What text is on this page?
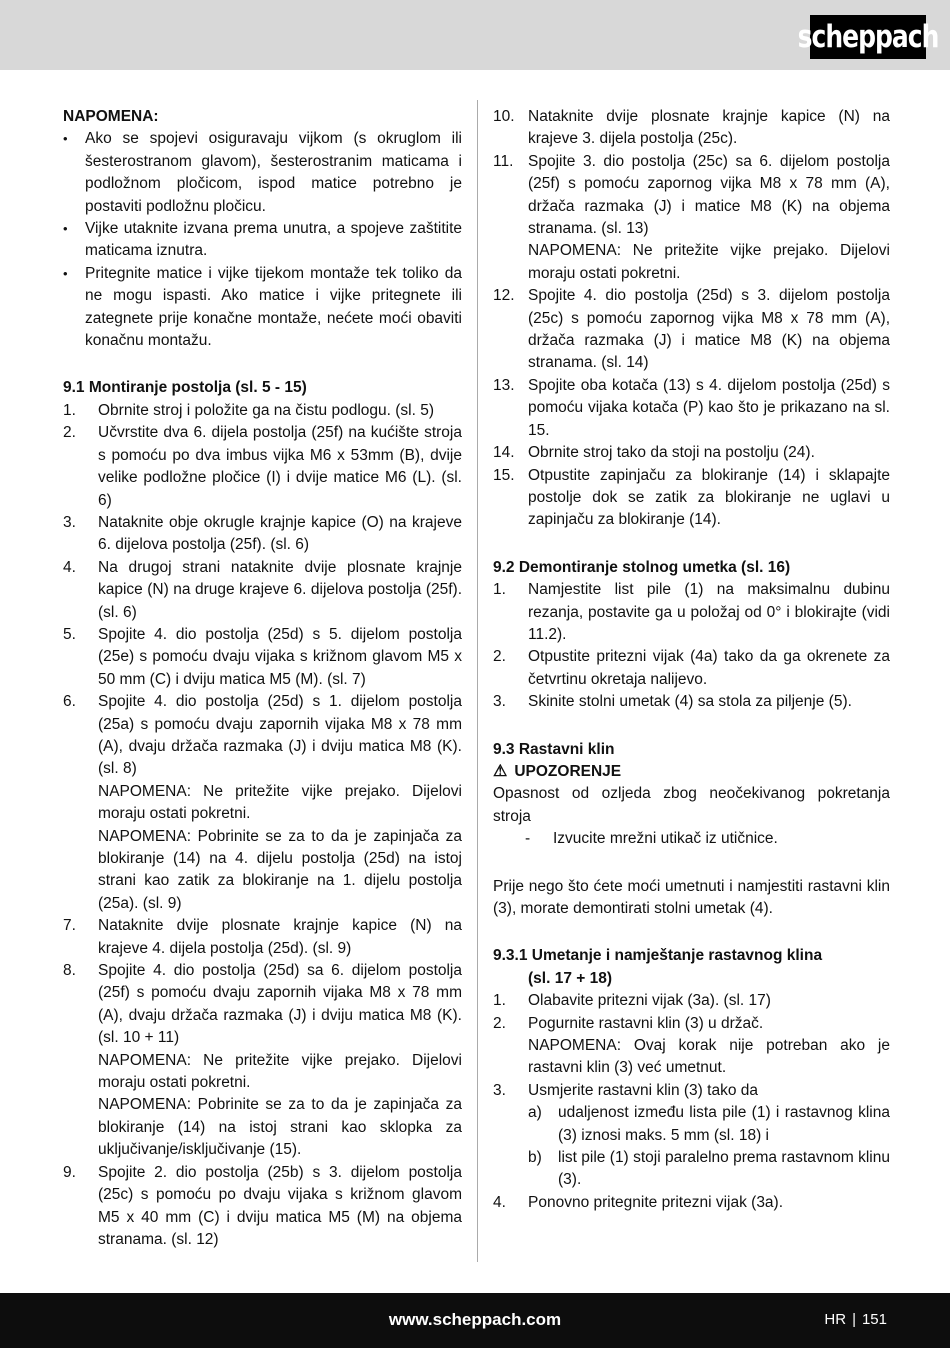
scheppach
NAPOMENA:
•	Ako se spojevi osiguravaju vijkom (s okruglom ili šesterostranom glavom), šesterostranim maticama i podložnom pločicom, ispod matice potrebno je postaviti podložnu pločicu.
•	Vijke utaknite izvana prema unutra, a spojeve zaštitite maticama iznutra.
•	Pritegnite matice i vijke tijekom montaže tek toliko da ne mogu ispasti. Ako matice i vijke pritegnete ili zategnete prije konačne montaže, nećete moći obaviti konačnu montažu.
9.1 Montiranje postolja (sl. 5 - 15)
1.	Obrnite stroj i položite ga na čistu podlogu. (sl. 5)
2.	Učvrstite dva 6. dijela postolja (25f) na kućište stroja s pomoću po dva imbus vijka M6 x 53mm (B), dvije velike podložne pločice (I) i dvije matice M6 (L). (sl. 6)
3.	Nataknite obje okrugle krajnje kapice (O) na krajeve 6. dijelova postolja (25f). (sl. 6)
4.	Na drugoj strani nataknite dvije plosnate krajnje kapice (N) na druge krajeve 6. dijelova postolja (25f). (sl. 6)
5.	Spojite 4. dio postolja (25d) s 5. dijelom postolja (25e) s pomoću dvaju vijaka s križnom glavom M5 x 50 mm (C) i dviju matica M5 (M). (sl. 7)
6.	Spojite 4. dio postolja (25d) s 1. dijelom postolja (25a) s pomoću dvaju zapornih vijaka M8 x 78 mm (A), dvaju držača razmaka (J) i dviju matica M8 (K). (sl. 8)
NAPOMENA: Ne pritežite vijke prejako. Dijelovi moraju ostati pokretni.
NAPOMENA: Pobrinite se za to da je zapinjača za blokiranje (14) na 4. dijelu postolja (25d) na istoj strani kao zatik za blokiranje na 1. dijelu postolja (25a). (sl. 9)
7.	Nataknite dvije plosnate krajnje kapice (N) na krajeve 4. dijela postolja (25d). (sl. 9)
8.	Spojite 4. dio postolja (25d) sa 6. dijelom postolja (25f) s pomoću dvaju zapornih vijaka M8 x 78 mm (A), dvaju držača razmaka (J) i dviju matica M8 (K). (sl. 10 + 11)
NAPOMENA: Ne pritežite vijke prejako. Dijelovi moraju ostati pokretni.
NAPOMENA: Pobrinite se za to da je zapinjača za blokiranje (14) na istoj strani kao sklopka za uključivanje/isključivanje (15).
9.	Spojite 2. dio postolja (25b) s 3. dijelom postolja (25c) s pomoću po dvaju vijaka s križnom glavom M5 x 40 mm (C) i dviju matica M5 (M) na objema stranama. (sl. 12)
10. Nataknite dvije plosnate krajnje kapice (N) na krajeve 3. dijela postolja (25c).
11. Spojite 3. dio postolja (25c) sa 6. dijelom postolja (25f) s pomoću zapornog vijka M8 x 78 mm (A), držača razmaka (J) i matice M8 (K) na objema stranama. (sl. 13)
NAPOMENA: Ne pritežite vijke prejako. Dijelovi moraju ostati pokretni.
12. Spojite 4. dio postolja (25d) s 3. dijelom postolja (25c) s pomoću zapornog vijka M8 x 78 mm (A), držača razmaka (J) i matice M8 (K) na objema stranama. (sl. 14)
13. Spojite oba kotača (13) s 4. dijelom postolja (25d) s pomoću vijaka kotača (P) kao što je prikazano na sl. 15.
14. Obrnite stroj tako da stoji na postolju (24).
15. Otpustite zapinjaču za blokiranje (14) i sklapajte postolje dok se zatik za blokiranje ne uglavi u zapinjaču za blokiranje (14).
9.2 Demontiranje stolnog umetka (sl. 16)
1.	Namjestite list pile (1) na maksimalnu dubinu rezanja, postavite ga u položaj od 0° i blokirajte (vidi 11.2).
2.	Otpustite pritezni vijak (4a) tako da ga okrenete za četvrtinu okretaja nalijevo.
3.	Skinite stolni umetak (4) sa stola za piljenje (5).
9.3 Rastavni klin
⚠ UPOZORENJE
Opasnost od ozljeda zbog neočekivanog pokretanja stroja
-	Izvucite mrežni utikač iz utičnice.
Prije nego što ćete moći umetnuti i namjestiti rastavni klin (3), morate demontirati stolni umetak (4).
9.3.1 Umetanje i namještanje rastavnog klina
(sl. 17 + 18)
1.	Olabavite pritezni vijak (3a). (sl. 17)
2.	Pogurnite rastavni klin (3) u držač.
NAPOMENA: Ovaj korak nije potreban ako je rastavni klin (3) već umetnut.
3.	Usmjerite rastavni klin (3) tako da
a)	udaljenost između lista pile (1) i rastavnog klina (3) iznosi maks. 5 mm (sl. 18) i
b)	list pile (1) stoji paralelno prema rastavnom klinu (3).
4.	Ponovno pritegnite pritezni vijak (3a).
www.scheppach.com	HR | 151
